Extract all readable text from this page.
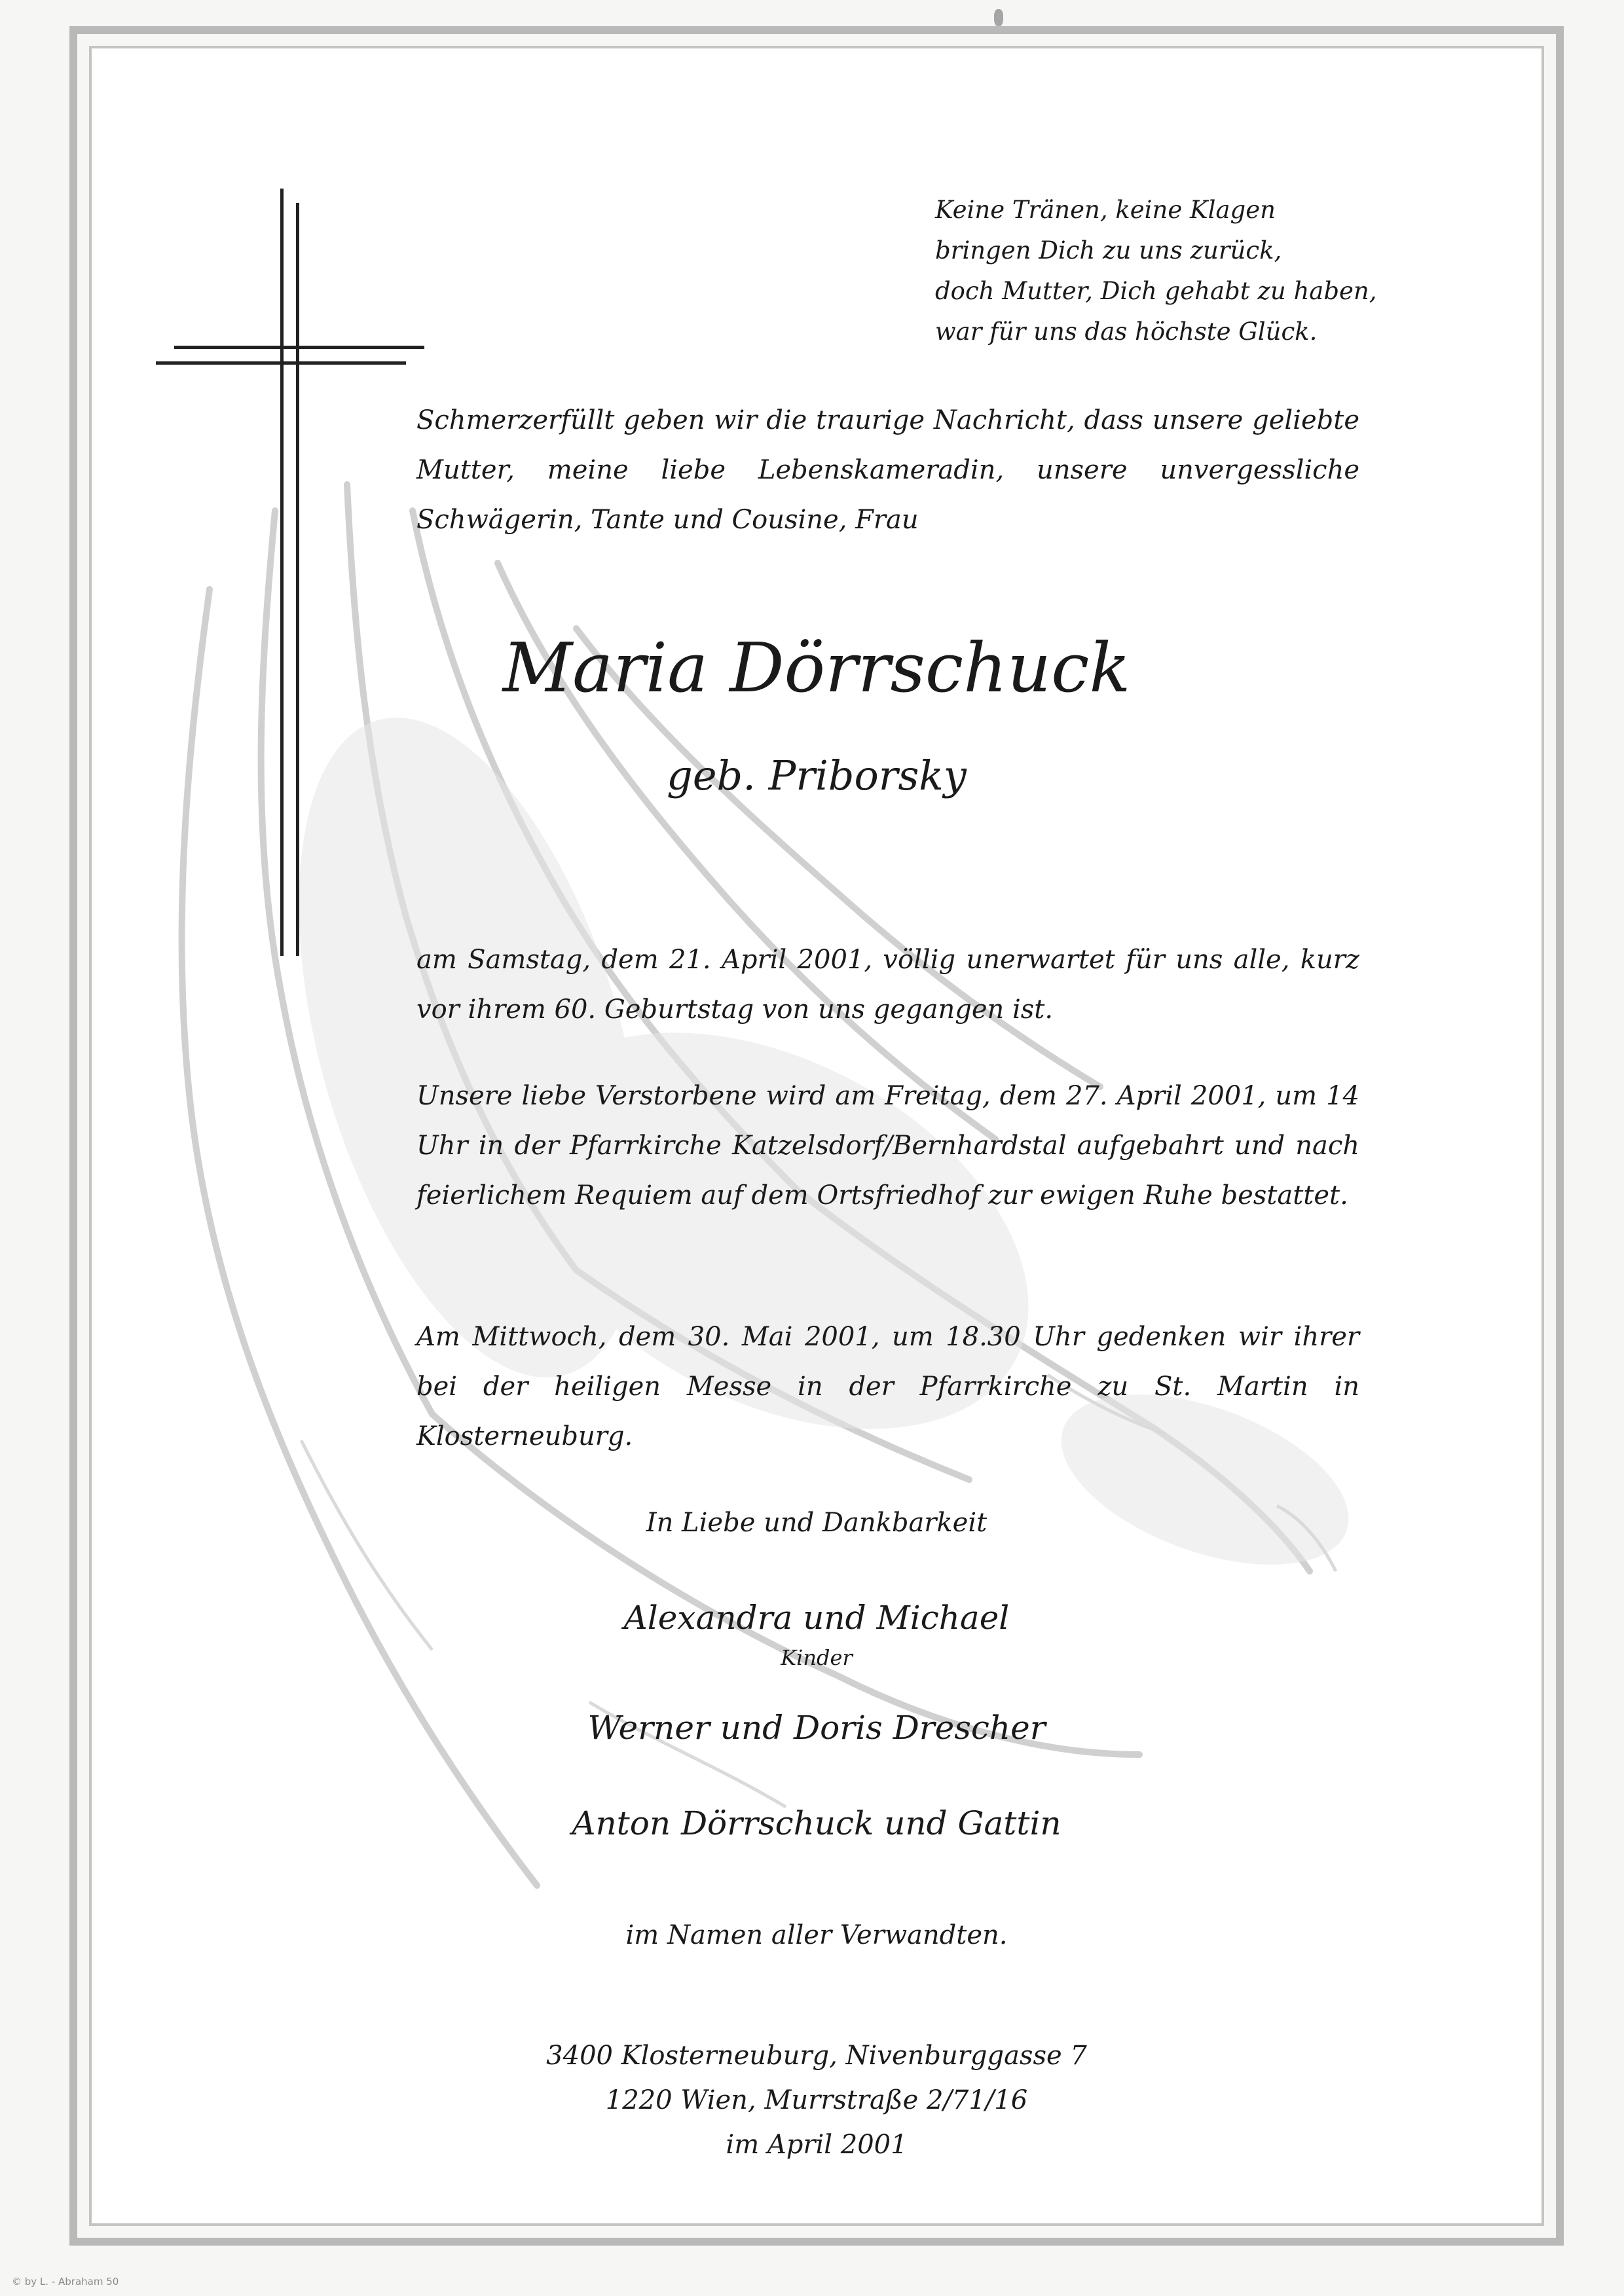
Keine Tränen, keine Klagen
bringen Dich zu uns zurück,
doch Mutter, Dich gehabt zu haben,
war für uns das höchste Glück.
Schmerzerfüllt geben wir die traurige Nachricht, dass unsere geliebte Mutter, meine liebe Lebenskameradin, unsere unvergessliche Schwägerin, Tante und Cousine, Frau
Maria Dörrschuck
geb. Priborsky
am Samstag, dem 21. April 2001, völlig unerwartet für uns alle, kurz vor ihrem 60. Geburtstag von uns gegangen ist.
Unsere liebe Verstorbene wird am Freitag, dem 27. April 2001, um 14 Uhr in der Pfarrkirche Katzelsdorf/Bernhardstal aufgebahrt und nach feierlichem Requiem auf dem Ortsfriedhof zur ewigen Ruhe bestattet.
Am Mittwoch, dem 30. Mai 2001, um 18.30 Uhr gedenken wir ihrer bei der heiligen Messe in der Pfarrkirche zu St. Martin in Klosterneuburg.
In Liebe und Dankbarkeit
Alexandra und Michael
Kinder
Werner und Doris Drescher
Anton Dörrschuck und Gattin
im Namen aller Verwandten.
3400 Klosterneuburg, Nivenburggasse 7
1220 Wien, Murrstraße 2/71/16
im April 2001
© by L. - Abraham 50
